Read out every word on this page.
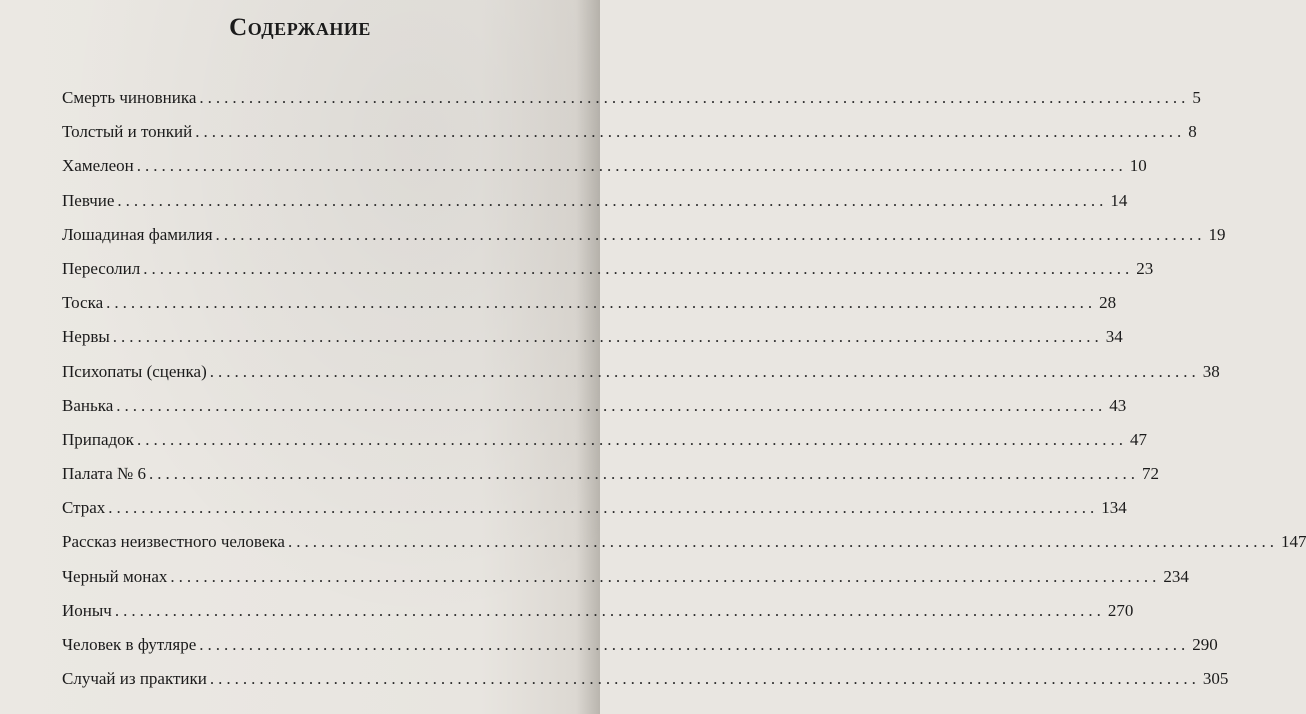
Содержание
Смерть чиновника ........................................................................................................................ 5
Толстый и тонкий ........................................................................................................................ 8
Хамелеон ........................................................................................................................ 10
Певчие ........................................................................................................................ 14
Лошадиная фамилия ........................................................................................................................ 19
Пересолил ........................................................................................................................ 23
Тоска ........................................................................................................................ 28
Нервы ........................................................................................................................ 34
Психопаты (сценка) ........................................................................................................................ 38
Ванька ........................................................................................................................ 43
Припадок ........................................................................................................................ 47
Палата № 6 ........................................................................................................................ 72
Страх ........................................................................................................................ 134
Рассказ неизвестного человека ........................................................................................................................ 147
Черный монах ........................................................................................................................ 234
Ионыч ........................................................................................................................ 270
Человек в футляре ........................................................................................................................ 290
Случай из практики ........................................................................................................................ 305
